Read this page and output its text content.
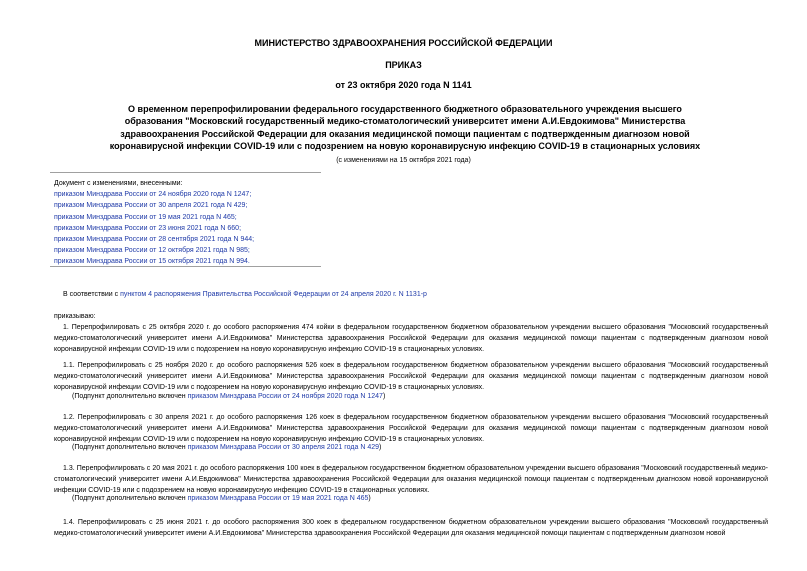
МИНИСТЕРСТВО ЗДРАВООХРАНЕНИЯ РОССИЙСКОЙ ФЕДЕРАЦИИ
ПРИКАЗ
от 23 октября 2020 года N 1141
О временном перепрофилировании федерального государственного бюджетного образовательного учреждения высшего образования "Московский государственный медико-стоматологический университет имени А.И.Евдокимова" Министерства здравоохранения Российской Федерации для оказания медицинской помощи пациентам с подтвержденным диагнозом новой коронавирусной инфекции COVID-19 или с подозрением на новую коронавирусную инфекцию COVID-19 в стационарных условиях
(с изменениями на 15 октября 2021 года)
Документ с изменениями, внесенными:
приказом Минздрава России от 24 ноября 2020 года N 1247;
приказом Минздрава России от 30 апреля 2021 года N 429;
приказом Минздрава России от 19 мая 2021 года N 465;
приказом Минздрава России от 23 июня 2021 года N 660;
приказом Минздрава России от 28 сентября 2021 года N 944;
приказом Минздрава России от 12 октября 2021 года N 985;
приказом Минздрава России от 15 октября 2021 года N 994.
В соответствии с пунктом 4 распоряжения Правительства Российской Федерации от 24 апреля 2020 г. N 1131-р
приказываю:
1. Перепрофилировать с 25 октября 2020 г. до особого распоряжения 474 койки в федеральном государственном бюджетном образовательном учреждении высшего образования "Московский государственный медико-стоматологический университет имени А.И.Евдокимова" Министерства здравоохранения Российской Федерации для оказания медицинской помощи пациентам с подтвержденным диагнозом новой коронавирусной инфекции COVID-19 или с подозрением на новую коронавирусную инфекцию COVID-19 в стационарных условиях.
1.1. Перепрофилировать с 25 ноября 2020 г. до особого распоряжения 526 коек в федеральном государственном бюджетном образовательном учреждении высшего образования "Московский государственный медико-стоматологический университет имени А.И.Евдокимова" Министерства здравоохранения Российской Федерации для оказания медицинской помощи пациентам с подтвержденным диагнозом новой коронавирусной инфекции COVID-19 или с подозрением на новую коронавирусную инфекцию COVID-19 в стационарных условиях.
(Подпункт дополнительно включен приказом Минздрава России от 24 ноября 2020 года N 1247)
1.2. Перепрофилировать с 30 апреля 2021 г. до особого распоряжения 126 коек в федеральном государственном бюджетном образовательном учреждении высшего образования "Московский государственный медико-стоматологический университет имени А.И.Евдокимова" Министерства здравоохранения Российской Федерации для оказания медицинской помощи пациентам с подтвержденным диагнозом новой коронавирусной инфекции COVID-19 или с подозрением на новую коронавирусную инфекцию COVID-19 в стационарных условиях.
(Подпункт дополнительно включен приказом Минздрава России от 30 апреля 2021 года N 429)
1.3. Перепрофилировать с 20 мая 2021 г. до особого распоряжения 100 коек в федеральном государственном бюджетном образовательном учреждении высшего образования "Московский государственный медико-стоматологический университет имени А.И.Евдокимова" Министерства здравоохранения Российской Федерации для оказания медицинской помощи пациентам с подтвержденным диагнозом новой коронавирусной инфекции COVID-19 или с подозрением на новую коронавирусную инфекцию COVID-19 в стационарных условиях.
(Подпункт дополнительно включен приказом Минздрава России от 19 мая 2021 года N 465)
1.4. Перепрофилировать с 25 июня 2021 г. до особого распоряжения 300 коек в федеральном государственном бюджетном образовательном учреждении высшего образования "Московский государственный медико-стоматологический университет имени А.И.Евдокимова" Министерства здравоохранения Российской Федерации для оказания медицинской помощи пациентам с подтвержденным диагнозом новой
